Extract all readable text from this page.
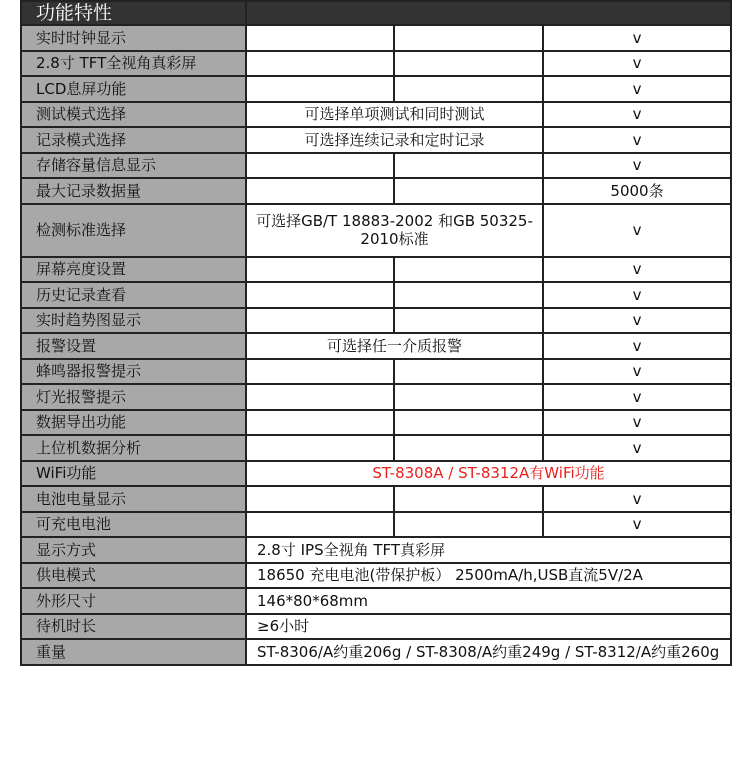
功能特性			
实时时钟显示			v
2.8寸 TFT全视角真彩屏			v
LCD息屏功能			v
测试模式选择	可选择单项测试和同时测试		v
记录模式选择	可选择连续记录和定时记录		v
存储容量信息显示			v
最大记录数据量			5000条
检测标准选择	可选择GB/T 18883-2002 和GB 50325-2010标准		v
屏幕亮度设置			v
历史记录查看			v
实时趋势图显示			v
报警设置	可选择任一介质报警		v
蜂鸣器报警提示			v
灯光报警提示			v
数据导出功能			v
上位机数据分析			v
WiFi功能	ST-8308A / ST-8312A有WiFi功能		
电池电量显示			v
可充电电池			v
显示方式	2.8寸 IPS全视角 TFT真彩屏		
供电模式	18650 充电电池(带保护板） 2500mA/h,USB直流5V/2A		
外形尺寸	146*80*68mm		
待机时长	≥6小时		
重量	ST-8306/A约重206g / ST-8308/A约重249g / ST-8312/A约重260g		
